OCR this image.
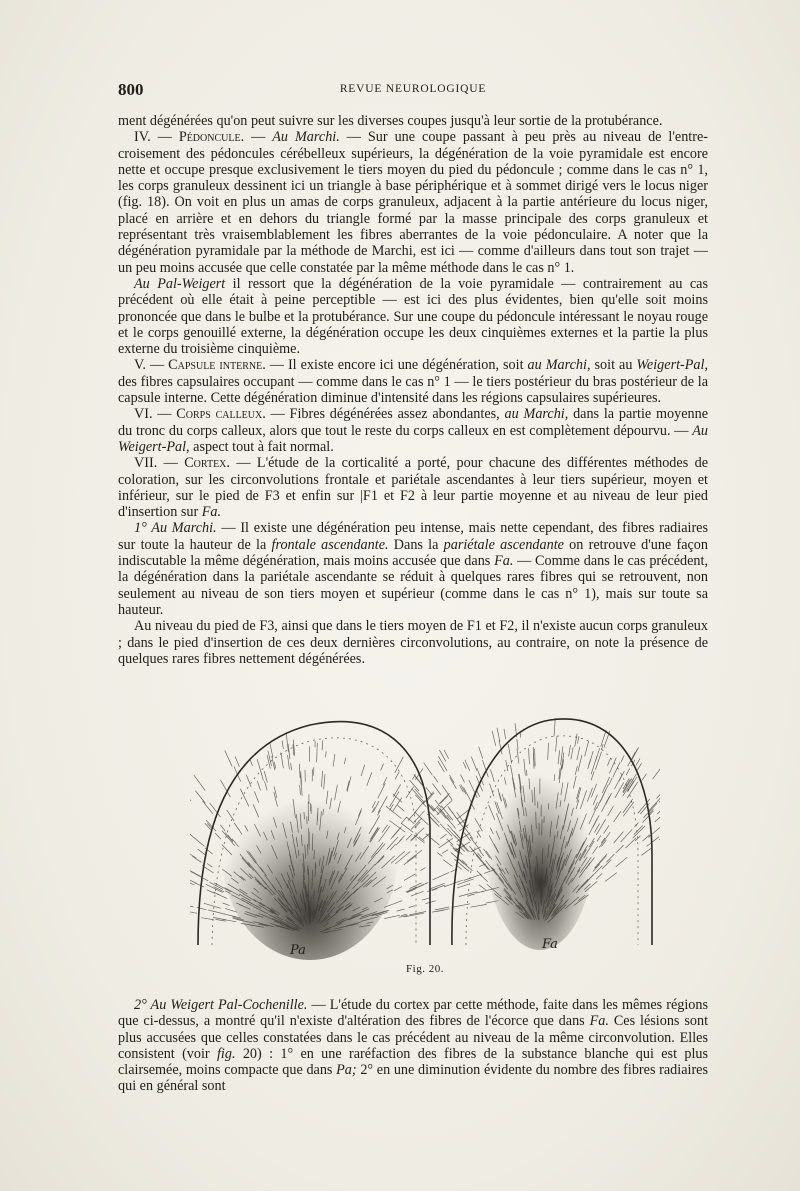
800	REVUE NEUROLOGIQUE

ment dégénérées qu'on peut suivre sur les diverses coupes jusqu'à leur sortie de la protubérance.

IV. — Pédoncule. — Au Marchi. — Sur une coupe passant à peu près au niveau de l'entre-croisement des pédoncules cérébelleux supérieurs, la dégénération de la voie pyramidale est encore nette et occupe presque exclusivement le tiers moyen du pied du pédoncule ; comme dans le cas n° 1, les corps granuleux dessinent ici un triangle à base périphérique et à sommet dirigé vers le locus niger (fig. 18). On voit en plus un amas de corps granuleux, adjacent à la partie antérieure du locus niger, placé en arrière et en dehors du triangle formé par la masse principale des corps granuleux et représentant très vraisemblablement les fibres aberrantes de la voie pédonculaire. A noter que la dégénération pyramidale par la méthode de Marchi, est ici — comme d'ailleurs dans tout son trajet — un peu moins accusée que celle constatée par la même méthode dans le cas n° 1.

Au Pal-Weigert il ressort que la dégénération de la voie pyramidale — contrairement au cas précédent où elle était à peine perceptible — est ici des plus évidentes, bien qu'elle soit moins prononcée que dans le bulbe et la protubérance. Sur une coupe du pédoncule intéressant le noyau rouge et le corps genouillé externe, la dégénération occupe les deux cinquièmes externes et la partie la plus externe du troisième cinquième.

V. — Capsule interne. — Il existe encore ici une dégénération, soit au Marchi, soit au Weigert-Pal, des fibres capsulaires occupant — comme dans le cas n° 1 — le tiers postérieur du bras postérieur de la capsule interne. Cette dégénération diminue d'intensité dans les régions capsulaires supérieures.

VI. — Corps calleux. — Fibres dégénérées assez abondantes, au Marchi, dans la partie moyenne du tronc du corps calleux, alors que tout le reste du corps calleux en est complètement dépourvu. — Au Weigert-Pal, aspect tout à fait normal.

VII. — Cortex. — L'étude de la corticalité a porté, pour chacune des différentes méthodes de coloration, sur les circonvolutions frontale et pariétale ascendantes à leur tiers supérieur, moyen et inférieur, sur le pied de F3 et enfin sur |F1 et F2 à leur partie moyenne et au niveau de leur pied d'insertion sur Fa.

1° Au Marchi. — Il existe une dégénération peu intense, mais nette cependant, des fibres radiaires sur toute la hauteur de la frontale ascendante. Dans la pariétale ascendante on retrouve d'une façon indiscutable la même dégénération, mais moins accusée que dans Fa. — Comme dans le cas précédent, la dégénération dans la pariétale ascendante se réduit à quelques rares fibres qui se retrouvent, non seulement au niveau de son tiers moyen et supérieur (comme dans le cas n° 1), mais sur toute sa hauteur.

Au niveau du pied de F3, ainsi que dans le tiers moyen de F1 et F2, il n'existe aucun corps granuleux ; dans le pied d'insertion de ces deux dernières circonvolutions, au contraire, on note la présence de quelques rares fibres nettement dégénérées.

Pa	Fa
Fig. 20.

2° Au Weigert Pal-Cochenille. — L'étude du cortex par cette méthode, faite dans les mêmes régions que ci-dessus, a montré qu'il n'existe d'altération des fibres de l'écorce que dans Fa. Ces lésions sont plus accusées que celles constatées dans le cas précédent au niveau de la même circonvolution. Elles consistent (voir fig. 20) : 1° en une raréfaction des fibres de la substance blanche qui est plus clairsemée, moins compacte que dans Pa; 2° en une diminution évidente du nombre des fibres radiaires qui en général sont
